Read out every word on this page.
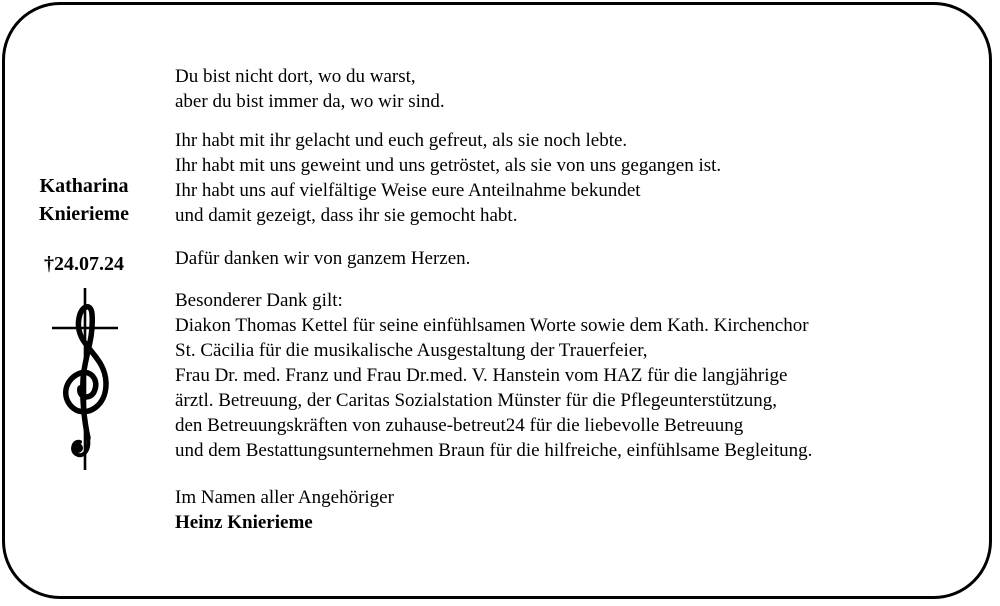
Katharina
Knierieme
†24.07.24

Du bist nicht dort, wo du warst,
aber du bist immer da, wo wir sind.

Ihr habt mit ihr gelacht und euch gefreut, als sie noch lebte.
Ihr habt mit uns geweint und uns getröstet, als sie von uns gegangen ist.
Ihr habt uns auf vielfältige Weise eure Anteilnahme bekundet
und damit gezeigt, dass ihr sie gemocht habt.

Dafür danken wir von ganzem Herzen.

Besonderer Dank gilt:
Diakon Thomas Kettel für seine einfühlsamen Worte sowie dem Kath. Kirchenchor
St. Cäcilia für die musikalische Ausgestaltung der Trauerfeier,
Frau Dr. med. Franz und Frau Dr.med. V. Hanstein vom HAZ für die langjährige
ärztl. Betreuung, der Caritas Sozialstation Münster für die Pflegeunterstützung,
den Betreuungskräften von zuhause-betreut24 für die liebevolle Betreuung
und dem Bestattungsunternehmen Braun für die hilfreiche, einfühlsame Begleitung.

Im Namen aller Angehöriger

Heinz Knierieme
